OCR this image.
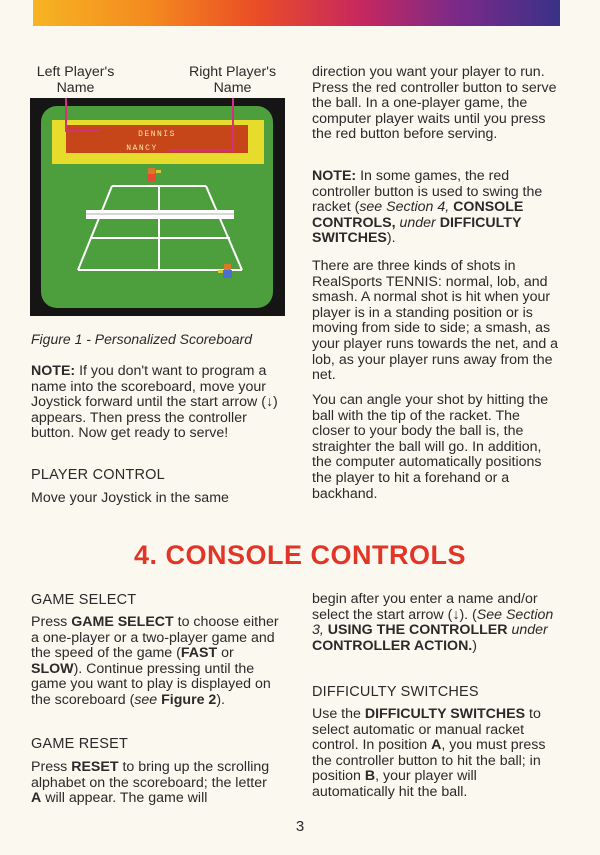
Left Player's Name
Right Player's Name
DENNIS
NANCY
Figure 1 - Personalized Scoreboard
NOTE: If you don't want to program a name into the scoreboard, move your Joystick forward until the start arrow (↓) appears. Then press the controller button. Now get ready to serve!
PLAYER CONTROL
Move your Joystick in the same
direction you want your player to run. Press the red controller button to serve the ball. In a one-player game, the computer player waits until you press the red button before serving.
NOTE: In some games, the red controller button is used to swing the racket (see Section 4, CONSOLE CONTROLS, under DIFFICULTY SWITCHES).
There are three kinds of shots in RealSports TENNIS: normal, lob, and smash. A normal shot is hit when your player is in a standing position or is moving from side to side; a smash, as your player runs towards the net, and a lob, as your player runs away from the net.
You can angle your shot by hitting the ball with the tip of the racket. The closer to your body the ball is, the straighter the ball will go. In addition, the computer automatically positions the player to hit a forehand or a backhand.
4. CONSOLE CONTROLS
GAME SELECT
Press GAME SELECT to choose either a one-player or a two-player game and the speed of the game (FAST or SLOW). Continue pressing until the game you want to play is displayed on the scoreboard (see Figure 2).
GAME RESET
Press RESET to bring up the scrolling alphabet on the scoreboard; the letter A will appear. The game will
begin after you enter a name and/or select the start arrow (↓). (See Section 3, USING THE CONTROLLER under CONTROLLER ACTION.)
DIFFICULTY SWITCHES
Use the DIFFICULTY SWITCHES to select automatic or manual racket control. In position A, you must press the controller button to hit the ball; in position B, your player will automatically hit the ball.
3
